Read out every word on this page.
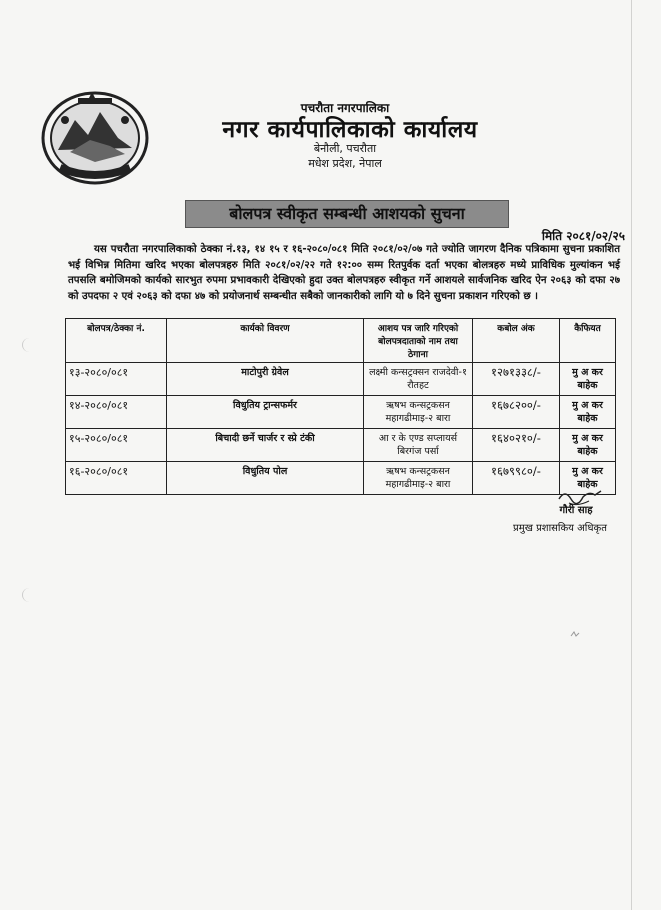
पचरौता नगरपालिका
नगर कार्यपालिकाको कार्यालय
बेनौली, पचरौता
मधेश प्रदेश, नेपाल
बोलपत्र स्वीकृत सम्बन्धी आशयको सुचना
मिति २०८१/०२/२५
यस पचरौता नगरपालिकाको ठेक्का नं.१३, १४ १५ र १६-२०८०/०८१ मिति २०८१/०२/०७ गते ज्योति जागरण दैनिक पत्रिकामा सुचना प्रकाशित भई विभिन्न मितिमा खरिद भएका बोलपत्रहरु मिति २०८१/०२/२२ गते १२:०० सम्म रितपुर्वक दर्ता भएका बोलत्रहरु मध्ये प्राविधिक मुल्यांकन भई तपसलि बमोजिमको कार्यको सारभुत रुपमा प्रभावकारी देखिएको हुदा उक्त बोलपत्रहरु स्वीकृत गर्ने आशयले सार्वजनिक खरिद ऐन २०६३ को दफा २७ को उपदफा २ एवं २०६३ को दफा ४७ को प्रयोजनार्थ सम्बन्धीत सबैको जानकारीको लागि यो ७ दिने सुचना प्रकाशन गरिएको छ ।
बोलपत्र/ठेक्का नं.	कार्यको विवरण	आशय पत्र जारि गरिएको बोलपत्रदाताको नाम तथा ठेगाना	कबोल अंक	कैफियत
१३-२०८०/०८१	माटोपुरी ग्रेवेल	लक्ष्मी कन्सट्रक्सन राजदेवी-१ रौतहट	१२७१३३८/-	मु अ कर बाहेक
१४-२०८०/०८१	विधुतिय ट्रान्सफर्मर	ऋषभ कन्सट्रकसन महागढीमाइ-२ बारा	१६७८२००/-	मु अ कर बाहेक
१५-२०८०/०८१	बिचादी छर्ने चार्जर र स्प्रे टंकी	आ र के एण्ड सप्लायर्स बिरगंज पर्सा	१६४०२१०/-	मु अ कर बाहेक
१६-२०८०/०८१	विधुतिय पोल	ऋषभ कन्सट्रकसन महागढीमाइ-२ बारा	१६७९९८०/-	मु अ कर बाहेक
गौरी साह
प्रमुख प्रशासकिय अधिकृत
